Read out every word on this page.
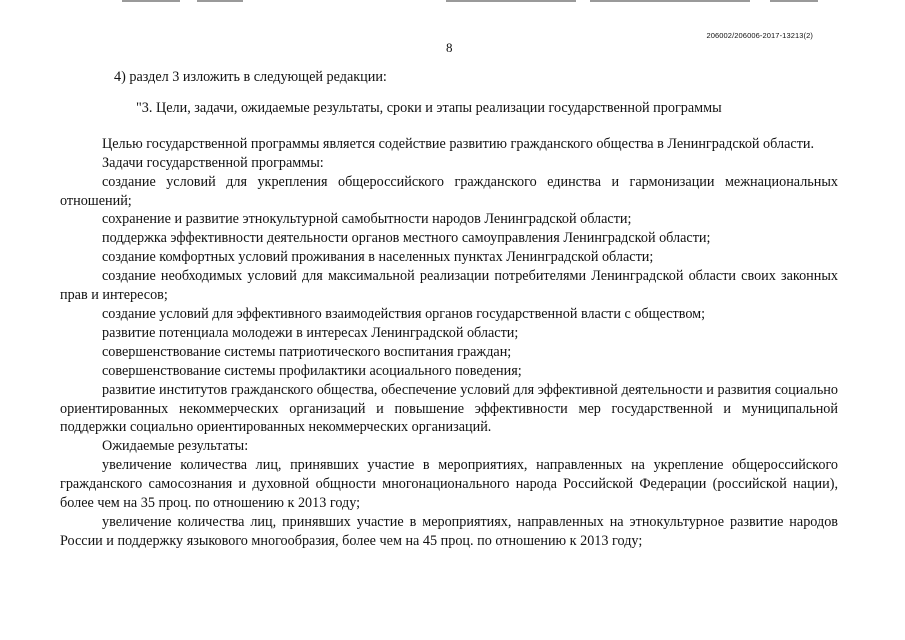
206002/206006-2017-13213(2)
8

4) раздел 3 изложить в следующей редакции:

"3. Цели, задачи, ожидаемые результаты, сроки и этапы реализации государственной программы

Целью государственной программы является содействие развитию гражданского общества в Ленинградской области.

Задачи государственной программы:

создание условий для укрепления общероссийского гражданского единства и гармонизации межнациональных отношений;

сохранение и развитие этнокультурной самобытности народов Ленинградской области;

поддержка эффективности деятельности органов местного самоуправления Ленинградской области;

создание комфортных условий проживания в населенных пунктах Ленинградской области;

создание необходимых условий для максимальной реализации потребителями Ленинградской области своих законных прав и интересов;

создание условий для эффективного взаимодействия органов государственной власти с обществом;

развитие потенциала молодежи в интересах Ленинградской области;

совершенствование системы патриотического воспитания граждан;

совершенствование системы профилактики асоциального поведения;

развитие институтов гражданского общества, обеспечение условий для эффективной деятельности и развития социально ориентированных некоммерческих организаций и повышение эффективности мер государственной и муниципальной поддержки социально ориентированных некоммерческих организаций.

Ожидаемые результаты:

увеличение количества лиц, принявших участие в мероприятиях, направленных на укрепление общероссийского гражданского самосознания и духовной общности многонационального народа Российской Федерации (российской нации), более чем на 35 проц. по отношению к 2013 году;

увеличение количества лиц, принявших участие в мероприятиях, направленных на этнокультурное развитие народов России и поддержку языкового многообразия, более чем на 45 проц. по отношению к 2013 году;
